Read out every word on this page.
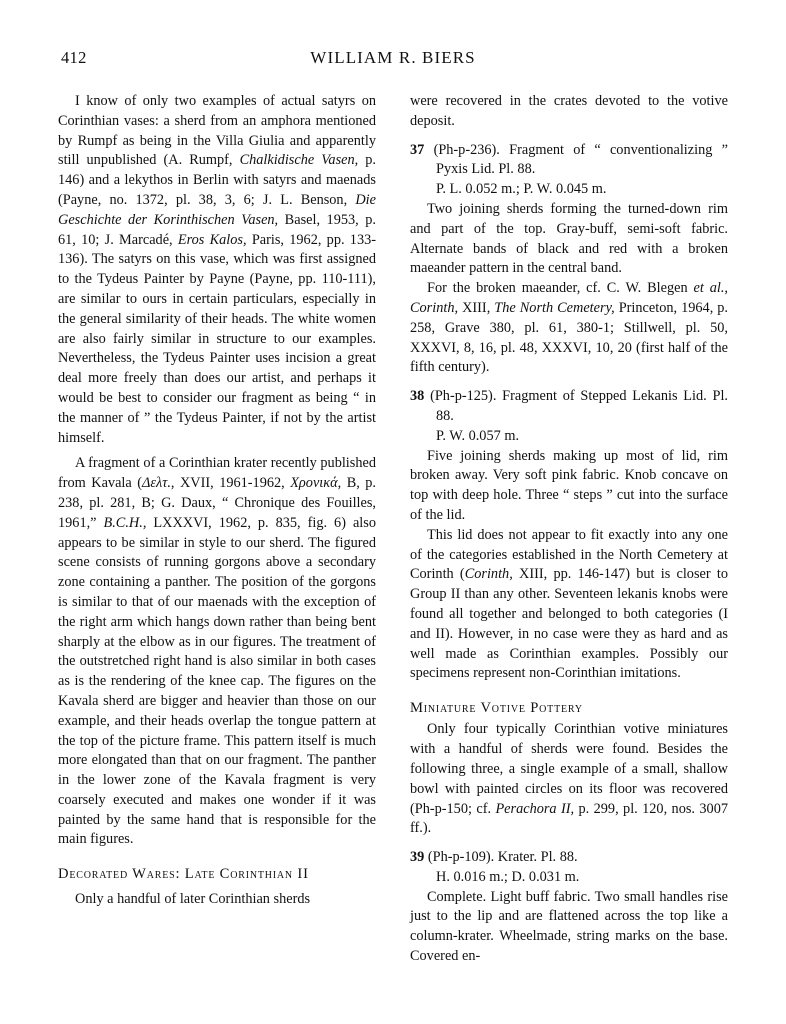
412	WILLIAM R. BIERS

I know of only two examples of actual satyrs on Corinthian vases: a sherd from an amphora mentioned by Rumpf as being in the Villa Giulia and apparently still unpublished (A. Rumpf, Chalkidische Vasen, p. 146) and a lekythos in Berlin with satyrs and maenads (Payne, no. 1372, pl. 38, 3, 6; J. L. Benson, Die Geschichte der Korinthischen Vasen, Basel, 1953, p. 61, 10; J. Marcadé, Eros Kalos, Paris, 1962, pp. 133-136). The satyrs on this vase, which was first assigned to the Tydeus Painter by Payne (Payne, pp. 110-111), are similar to ours in certain particulars, especially in the general similarity of their heads. The white women are also fairly similar in structure to our examples. Nevertheless, the Tydeus Painter uses incision a great deal more freely than does our artist, and perhaps it would be best to consider our fragment as being “ in the manner of ” the Tydeus Painter, if not by the artist himself.

A fragment of a Corinthian krater recently published from Kavala (Δελτ., XVII, 1961-1962, Χρονικά, B, p. 238, pl. 281, B; G. Daux, “ Chronique des Fouilles, 1961,” B.C.H., LXXXVI, 1962, p. 835, fig. 6) also appears to be similar in style to our sherd. The figured scene consists of running gorgons above a secondary zone containing a panther. The position of the gorgons is similar to that of our maenads with the exception of the right arm which hangs down rather than being bent sharply at the elbow as in our figures. The treatment of the outstretched right hand is also similar in both cases as is the rendering of the knee cap. The figures on the Kavala sherd are bigger and heavier than those on our example, and their heads overlap the tongue pattern at the top of the picture frame. This pattern itself is much more elongated than that on our fragment. The panther in the lower zone of the Kavala fragment is very coarsely executed and makes one wonder if it was painted by the same hand that is responsible for the main figures.

Decorated Wares: Late Corinthian II

Only a handful of later Corinthian sherds

were recovered in the crates devoted to the votive deposit.

37 (Ph-p-236). Fragment of “ conventionalizing ” Pyxis Lid. Pl. 88.

P. L. 0.052 m.; P. W. 0.045 m.

Two joining sherds forming the turned-down rim and part of the top. Gray-buff, semi-soft fabric. Alternate bands of black and red with a broken maeander pattern in the central band.

For the broken maeander, cf. C. W. Blegen et al., Corinth, XIII, The North Cemetery, Princeton, 1964, p. 258, Grave 380, pl. 61, 380-1; Stillwell, pl. 50, XXXVI, 8, 16, pl. 48, XXXVI, 10, 20 (first half of the fifth century).

38 (Ph-p-125). Fragment of Stepped Lekanis Lid. Pl. 88.

P. W. 0.057 m.

Five joining sherds making up most of lid, rim broken away. Very soft pink fabric. Knob concave on top with deep hole. Three “ steps ” cut into the surface of the lid.

This lid does not appear to fit exactly into any one of the categories established in the North Cemetery at Corinth (Corinth, XIII, pp. 146-147) but is closer to Group II than any other. Seventeen lekanis knobs were found all together and belonged to both categories (I and II). However, in no case were they as hard and as well made as Corinthian examples. Possibly our specimens represent non-Corinthian imitations.

Miniature Votive Pottery

Only four typically Corinthian votive miniatures with a handful of sherds were found. Besides the following three, a single example of a small, shallow bowl with painted circles on its floor was recovered (Ph-p-150; cf. Perachora II, p. 299, pl. 120, nos. 3007 ff.).

39 (Ph-p-109). Krater. Pl. 88.

H. 0.016 m.; D. 0.031 m.

Complete. Light buff fabric. Two small handles rise just to the lip and are flattened across the top like a column-krater. Wheelmade, string marks on the base. Covered en-
